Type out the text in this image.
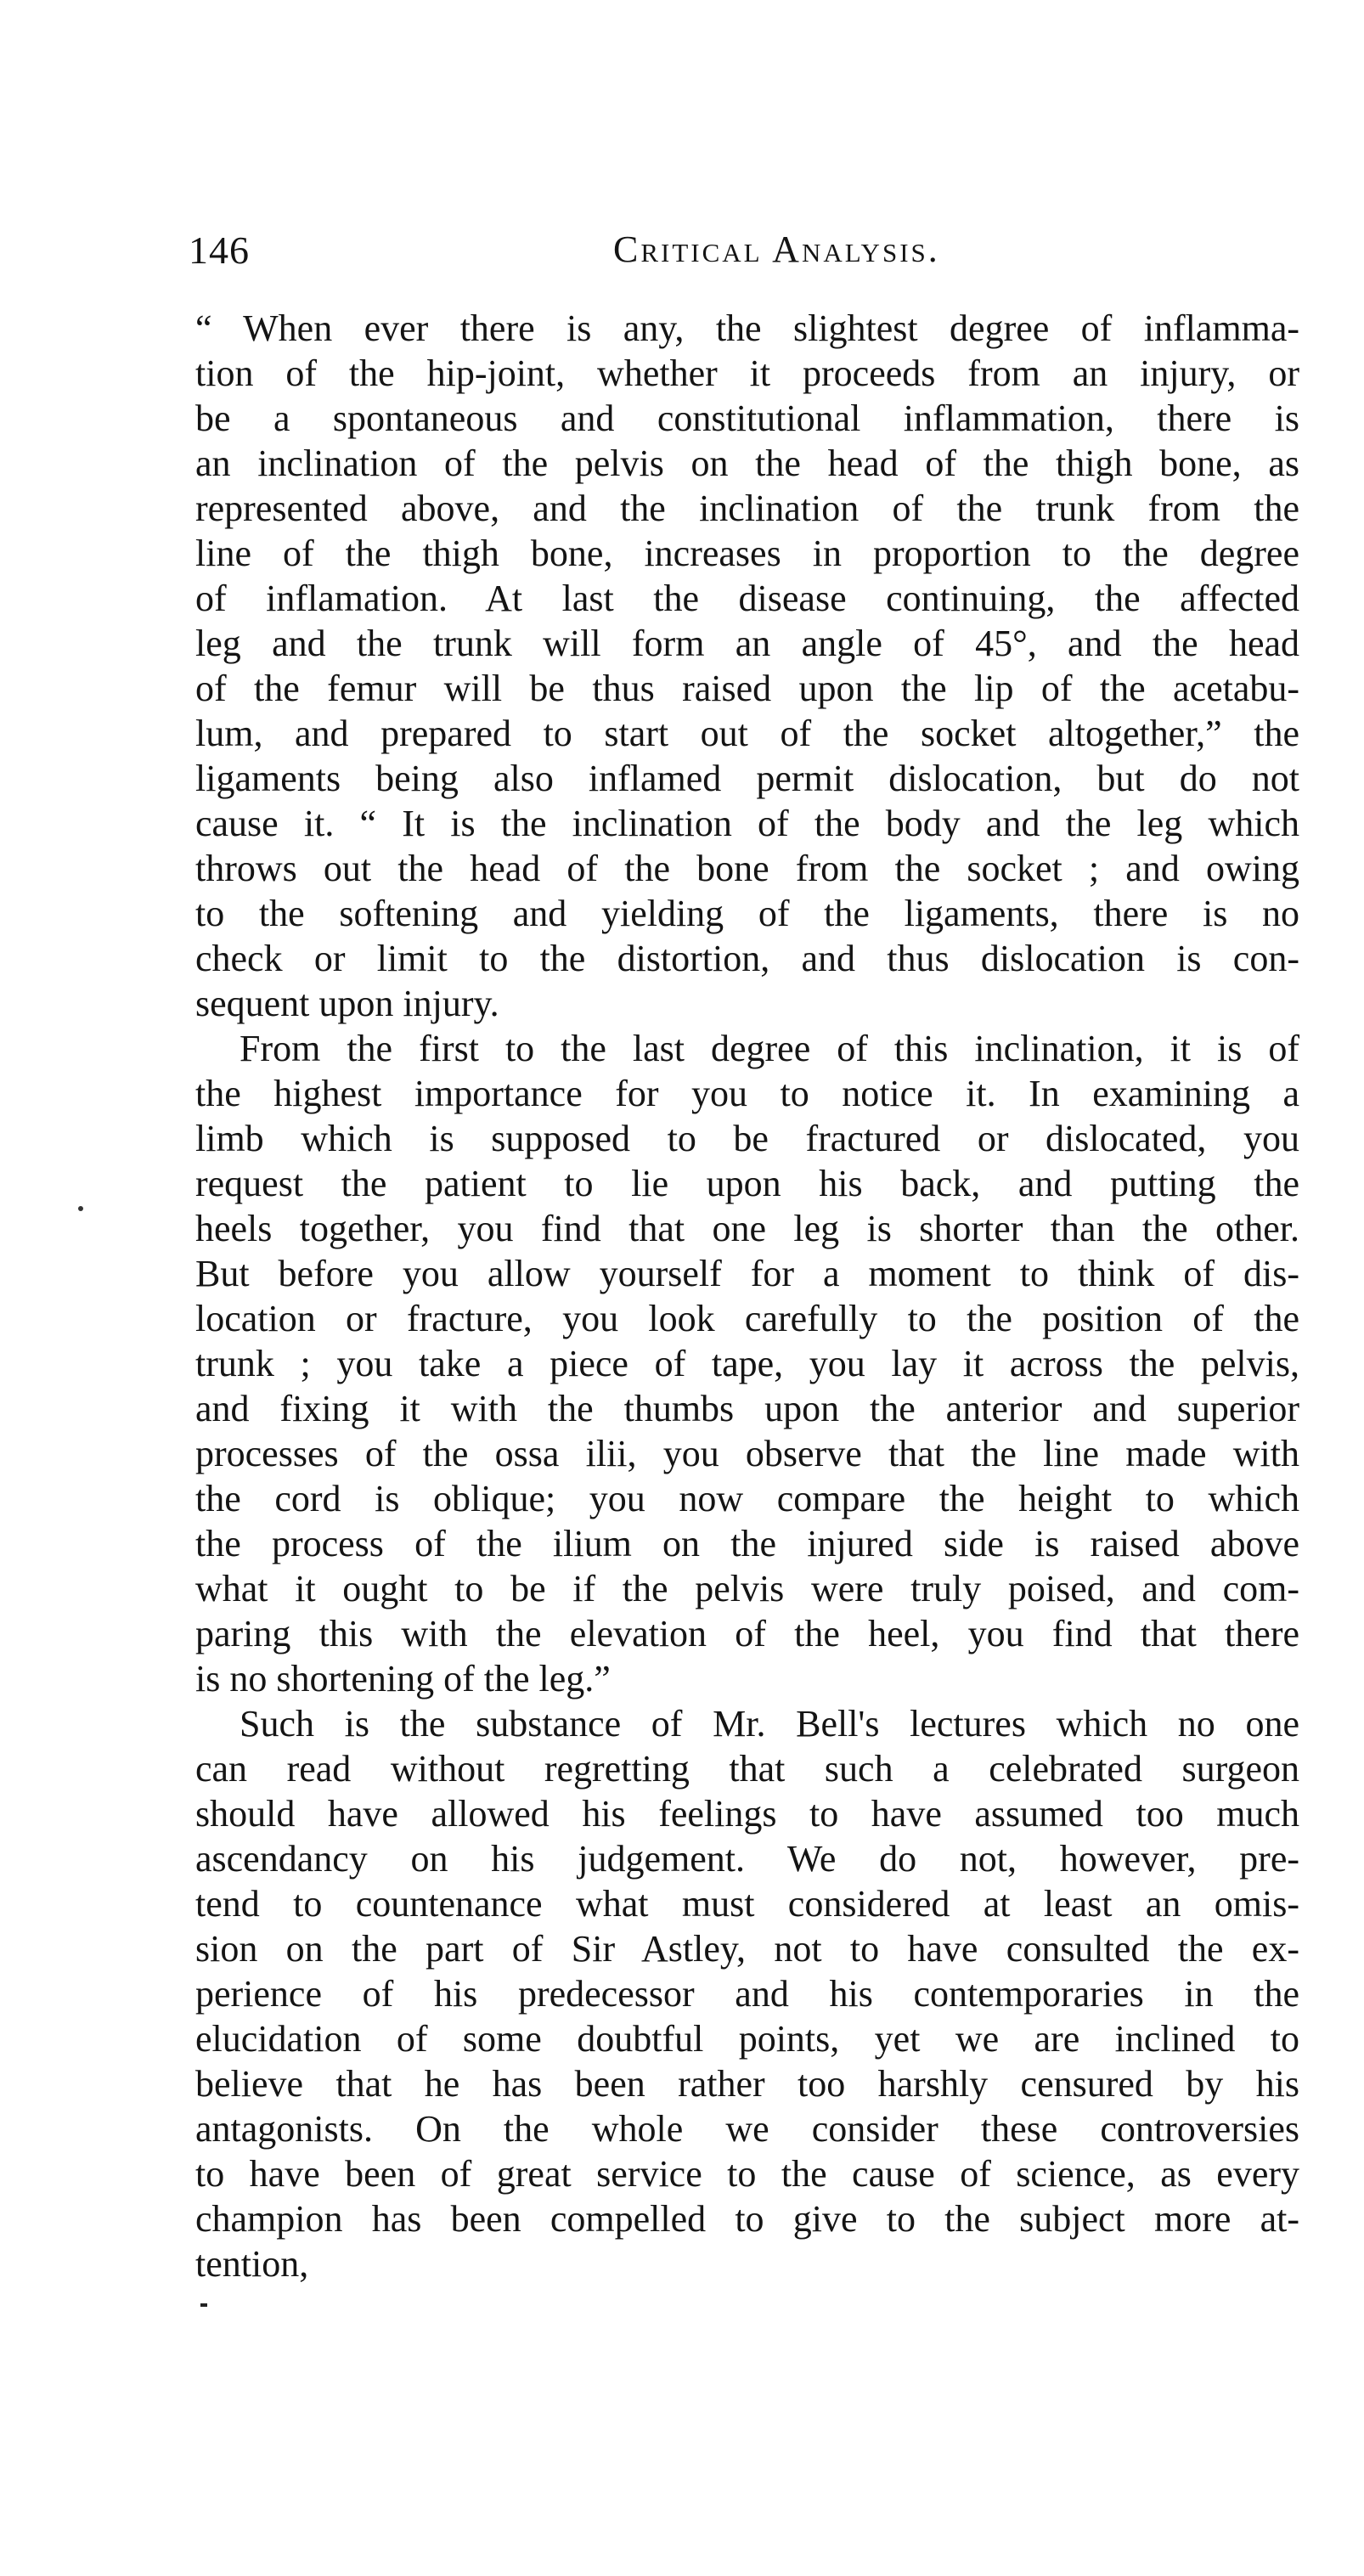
146	Critical Analysis.
“ When ever there is any, the slightest degree of inflamma-
tion of the hip-joint, whether it proceeds from an injury, or
be a spontaneous and constitutional inflammation, there is
an inclination of the pelvis on the head of the thigh bone, as
represented above, and the inclination of the trunk from the
line of the thigh bone, increases in proportion to the degree
of inflamation. At last the disease continuing, the affected
leg and the trunk will form an angle of 45°, and the head
of the femur will be thus raised upon the lip of the acetabu-
lum, and prepared to start out of the socket altogether,” the
ligaments being also inflamed permit dislocation, but do not
cause it. “ It is the inclination of the body and the leg which
throws out the head of the bone from the socket ; and owing
to the softening and yielding of the ligaments, there is no
check or limit to the distortion, and thus dislocation is con-
sequent upon injury.
From the first to the last degree of this inclination, it is of
the highest importance for you to notice it. In examining a
limb which is supposed to be fractured or dislocated, you
request the patient to lie upon his back, and putting the
heels together, you find that one leg is shorter than the other.
But before you allow yourself for a moment to think of dis-
location or fracture, you look carefully to the position of the
trunk ; you take a piece of tape, you lay it across the pelvis,
and fixing it with the thumbs upon the anterior and superior
processes of the ossa ilii, you observe that the line made with
the cord is oblique; you now compare the height to which
the process of the ilium on the injured side is raised above
what it ought to be if the pelvis were truly poised, and com-
paring this with the elevation of the heel, you find that there
is no shortening of the leg.”
Such is the substance of Mr. Bell's lectures which no one
can read without regretting that such a celebrated surgeon
should have allowed his feelings to have assumed too much
ascendancy on his judgement. We do not, however, pre-
tend to countenance what must considered at least an omis-
sion on the part of Sir Astley, not to have consulted the ex-
perience of his predecessor and his contemporaries in the
elucidation of some doubtful points, yet we are inclined to
believe that he has been rather too harshly censured by his
antagonists. On the whole we consider these controversies
to have been of great service to the cause of science, as every
champion has been compelled to give to the subject more at-
tention,
